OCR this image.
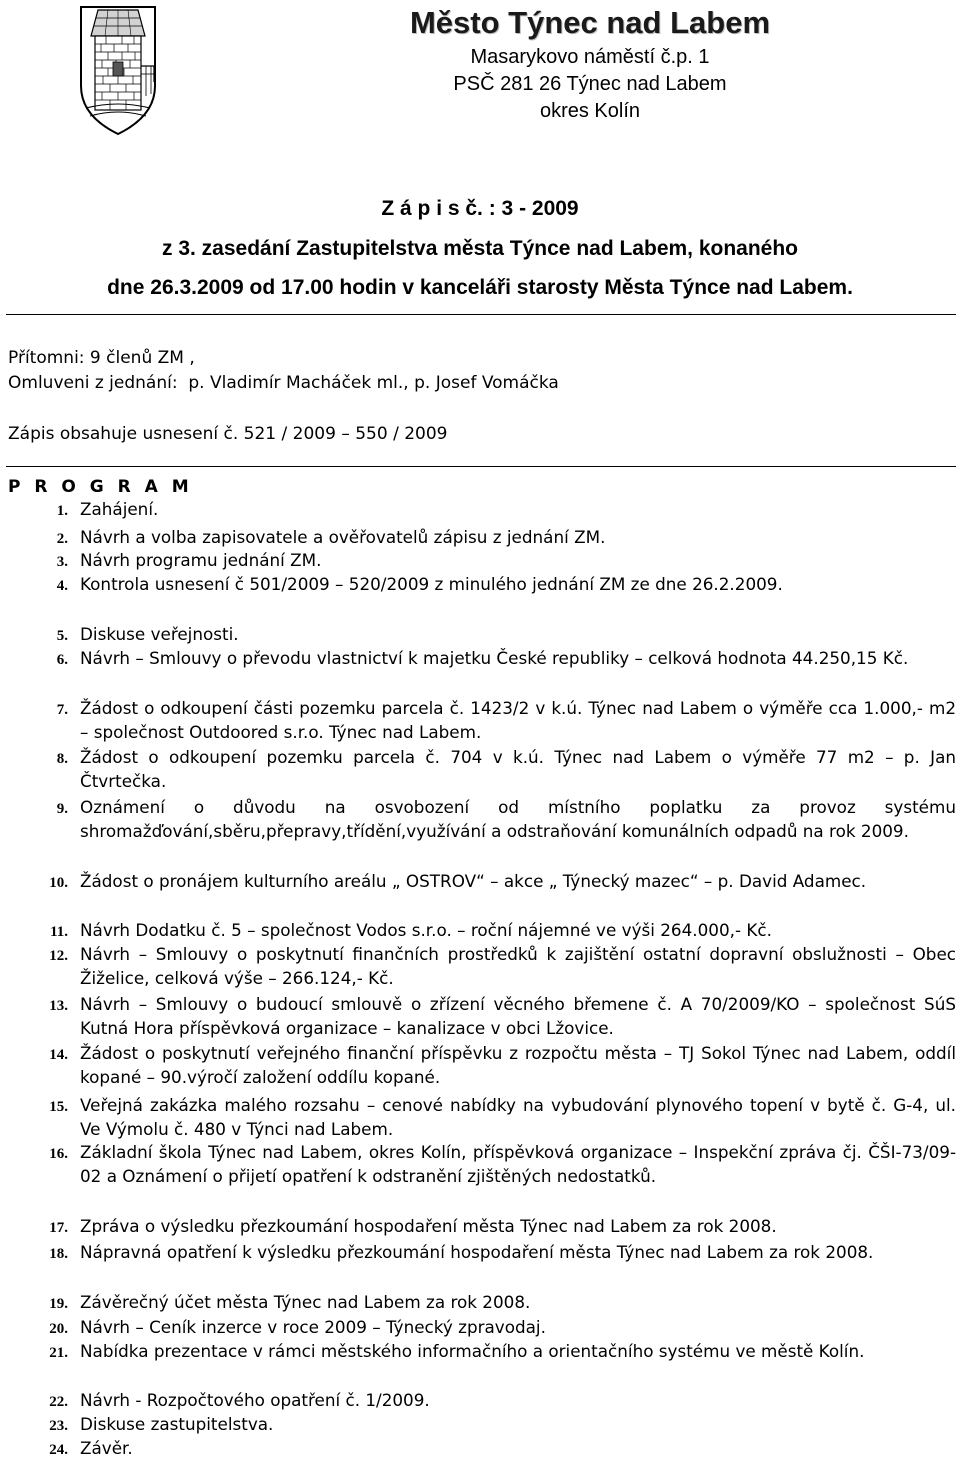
Město Týnec nad Labem
Masarykovo náměstí č.p. 1
PSČ 281 26 Týnec nad Labem
okres Kolín
Z á p i s č. : 3 - 2009
z 3. zasedání Zastupitelstva města Týnce nad Labem, konaného
dne 26.3.2009 od 17.00 hodin v kanceláři starosty Města Týnce nad Labem.
Přítomni: 9 členů ZM ,
Omluveni z jednání:  p. Vladimír Macháček ml., p. Josef Vomáčka
Zápis obsahuje usnesení č. 521 / 2009 – 550 / 2009
P R O G R A M
1. Zahájení.
2. Návrh a volba zapisovatele a ověřovatelů zápisu z jednání ZM.
3. Návrh programu jednání ZM.
4. Kontrola usnesení č 501/2009 – 520/2009 z minulého jednání ZM ze dne 26.2.2009.
5. Diskuse veřejnosti.
6. Návrh – Smlouvy o převodu vlastnictví k majetku České republiky – celková hodnota 44.250,15 Kč.
7. Žádost o odkoupení části pozemku parcela č. 1423/2 v k.ú. Týnec nad Labem o výměře cca 1.000,- m2 – společnost Outdoored s.r.o. Týnec nad Labem.
8. Žádost o odkoupení pozemku parcela č. 704 v k.ú. Týnec nad Labem o výměře 77 m2 – p. Jan Čtvrtečka.
9. Oznámení o důvodu na osvobození od místního poplatku za provoz systému shromažďování,sběru,přepravy,třídění,využívání a odstraňování komunálních odpadů na rok 2009.
10. Žádost o pronájem kulturního areálu „ OSTROV“ – akce „ Týnecký mazec“ – p. David Adamec.
11. Návrh Dodatku č. 5 – společnost Vodos s.r.o. – roční nájemné ve výši 264.000,- Kč.
12. Návrh – Smlouvy o poskytnutí finančních prostředků k zajištění ostatní dopravní obslužnosti – Obec Žiželice, celková výše – 266.124,- Kč.
13. Návrh – Smlouvy o budoucí smlouvě o zřízení věcného břemene č. A 70/2009/KO – společnost SúS Kutná Hora příspěvková organizace – kanalizace v obci Lžovice.
14. Žádost o poskytnutí veřejného finanční příspěvku z rozpočtu města – TJ Sokol Týnec nad Labem, oddíl kopané – 90.výročí založení oddílu kopané.
15. Veřejná zakázka malého rozsahu – cenové nabídky na vybudování plynového topení v bytě č. G-4, ul. Ve Výmolu č. 480 v Týnci nad Labem.
16. Základní škola Týnec nad Labem, okres Kolín, příspěvková organizace – Inspekční zpráva čj. ČŠI-73/09-02 a Oznámení o přijetí opatření k odstranění zjištěných nedostatků.
17. Zpráva o výsledku přezkoumání hospodaření města Týnec nad Labem za rok 2008.
18. Nápravná opatření k výsledku přezkoumání hospodaření města Týnec nad Labem za rok 2008.
19. Závěrečný účet města Týnec nad Labem za rok 2008.
20. Návrh – Ceník inzerce v roce 2009 – Týnecký zpravodaj.
21. Nabídka prezentace v rámci městského informačního a orientačního systému ve městě Kolín.
22. Návrh - Rozpočtového opatření č. 1/2009.
23. Diskuse zastupitelstva.
24. Závěr.
